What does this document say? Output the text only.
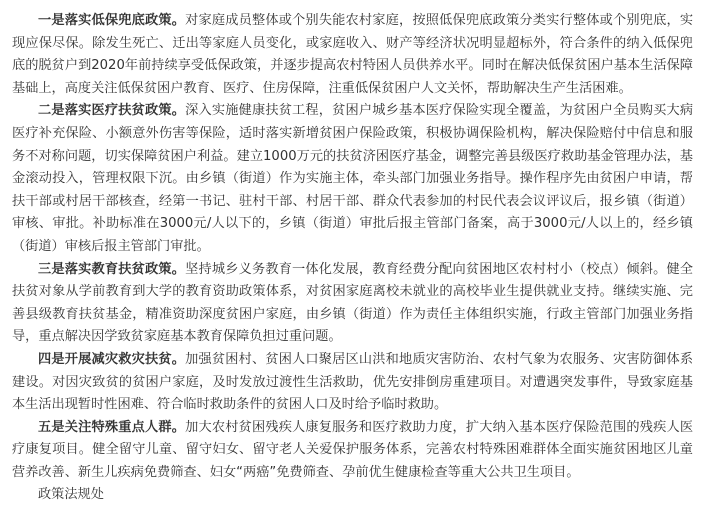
一是落实低保兜底政策。对家庭成员整体或个别失能农村家庭，按照低保兜底政策分类实行整体或个别兜底，实现应保尽保。除发生死亡、迁出等家庭人员变化，或家庭收入、财产等经济状况明显超标外，符合条件的纳入低保兜底的脱贫户到2020年前持续享受低保政策，并逐步提高农村特困人员供养水平。同时在解决低保贫困户基本生活保障基础上，高度关注低保贫困户教育、医疗、住房保障，注重低保贫困户人文关怀，帮助解决生产生活困难。

二是落实医疗扶贫政策。深入实施健康扶贫工程，贫困户城乡基本医疗保险实现全覆盖，为贫困户全员购买大病医疗补充保险、小额意外伤害等保险，适时落实新增贫困户保险政策，积极协调保险机构，解决保险赔付中信息和服务不对称问题，切实保障贫困户利益。建立1000万元的扶贫济困医疗基金，调整完善县级医疗救助基金管理办法，基金滚动投入，管理权限下沉。由乡镇（街道）作为实施主体，牵头部门加强业务指导。操作程序先由贫困户申请，帮扶干部或村居干部核查，经第一书记、驻村干部、村居干部、群众代表参加的村民代表会议评议后，报乡镇（街道）审核、审批。补助标准在3000元/人以下的，乡镇（街道）审批后报主管部门备案，高于3000元/人以上的，经乡镇（街道）审核后报主管部门审批。

三是落实教育扶贫政策。坚持城乡义务教育一体化发展，教育经费分配向贫困地区农村村小（校点）倾斜。健全扶贫对象从学前教育到大学的教育资助政策体系，对贫困家庭离校未就业的高校毕业生提供就业支持。继续实施、完善县级教育扶贫基金，精准资助深度贫困户家庭，由乡镇（街道）作为责任主体组织实施，行政主管部门加强业务指导，重点解决因学致贫家庭基本教育保障负担过重问题。

四是开展减灾救灾扶贫。加强贫困村、贫困人口聚居区山洪和地质灾害防治、农村气象为农服务、灾害防御体系建设。对因灾致贫的贫困户家庭，及时发放过渡性生活救助，优先安排倒房重建项目。对遭遇突发事件，导致家庭基本生活出现暂时性困难、符合临时救助条件的贫困人口及时给予临时救助。

五是关注特殊重点人群。加大农村贫困残疾人康复服务和医疗救助力度，扩大纳入基本医疗保险范围的残疾人医疗康复项目。健全留守儿童、留守妇女、留守老人关爱保护服务体系，完善农村特殊困难群体全面实施贫困地区儿童营养改善、新生儿疾病免费筛查、妇女“两癌”免费筛查、孕前优生健康检查等重大公共卫生项目。

政策法规处
